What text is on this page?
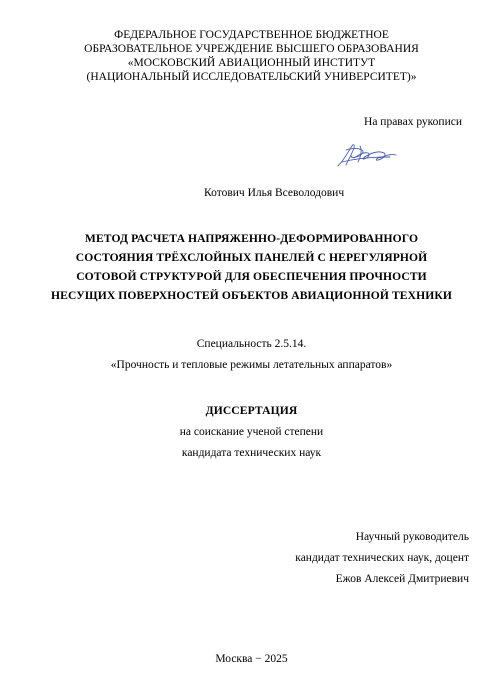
ФЕДЕРАЛЬНОЕ ГОСУДАРСТВЕННОЕ БЮДЖЕТНОЕ
ОБРАЗОВАТЕЛЬНОЕ УЧРЕЖДЕНИЕ ВЫСШЕГО ОБРАЗОВАНИЯ
«МОСКОВСКИЙ АВИАЦИОННЫЙ ИНСТИТУТ
(НАЦИОНАЛЬНЫЙ ИССЛЕДОВАТЕЛЬСКИЙ УНИВЕРСИТЕТ)»
На правах рукописи
Котович Илья Всеволодович
МЕТОД РАСЧЕТА НАПРЯЖЕННО-ДЕФОРМИРОВАННОГО
СОСТОЯНИЯ ТРЁХСЛОЙНЫХ ПАНЕЛЕЙ С НЕРЕГУЛЯРНОЙ
СОТОВОЙ СТРУКТУРОЙ ДЛЯ ОБЕСПЕЧЕНИЯ ПРОЧНОСТИ
НЕСУЩИХ ПОВЕРХНОСТЕЙ ОБЪЕКТОВ АВИАЦИОННОЙ ТЕХНИКИ
Специальность 2.5.14.
«Прочность и тепловые режимы летательных аппаратов»
ДИССЕРТАЦИЯ
на соискание ученой степени
кандидата технических наук
Научный руководитель
кандидат технических наук, доцент
Ежов Алексей Дмитриевич
Москва − 2025
